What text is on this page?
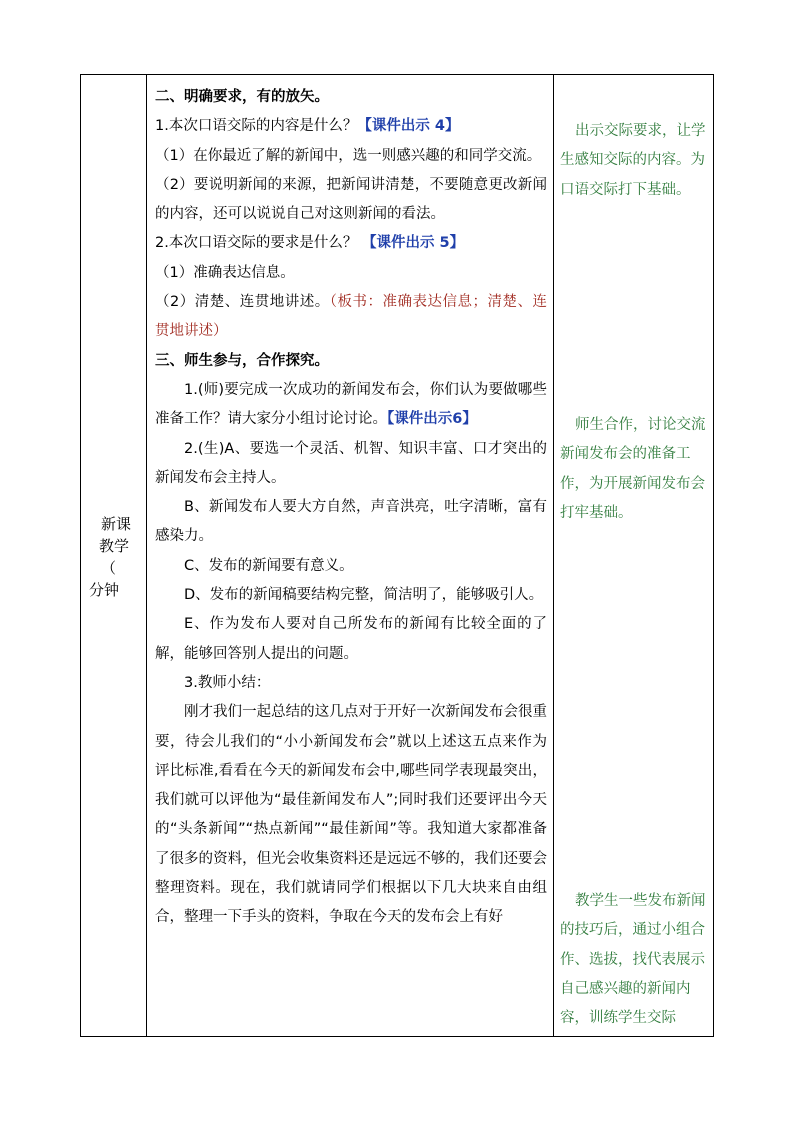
新课
教学
（
分钟

二、明确要求，有的放矢。

1.本次口语交际的内容是什么？【课件出示 4】

（1）在你最近了解的新闻中，选一则感兴趣的和同学交流。

（2）要说明新闻的来源，把新闻讲清楚，不要随意更改新闻的内容，还可以说说自己对这则新闻的看法。

2.本次口语交际的要求是什么？ 【课件出示 5】

（1）准确表达信息。

（2）清楚、连贯地讲述。（板书：准确表达信息；清楚、连贯地讲述）

三、师生参与，合作探究。

1.(师)要完成一次成功的新闻发布会，你们认为要做哪些准备工作？请大家分小组讨论讨论。【课件出示6】

2.(生)A、要选一个灵活、机智、知识丰富、口才突出的新闻发布会主持人。

B、新闻发布人要大方自然，声音洪亮，吐字清晰，富有感染力。

C、发布的新闻要有意义。

D、发布的新闻稿要结构完整，简洁明了，能够吸引人。

E、作为发布人要对自己所发布的新闻有比较全面的了解，能够回答别人提出的问题。

3.教师小结：

刚才我们一起总结的这几点对于开好一次新闻发布会很重要，待会儿我们的“小小新闻发布会”就以上述这五点来作为评比标准,看看在今天的新闻发布会中,哪些同学表现最突出，我们就可以评他为“最佳新闻发布人”;同时我们还要评出今天的“头条新闻”“热点新闻”“最佳新闻”等。我知道大家都准备了很多的资料，但光会收集资料还是远远不够的，我们还要会整理资料。现在，我们就请同学们根据以下几大块来自由组合，整理一下手头的资料，争取在今天的发布会上有好

出示交际要求，让学生感知交际的内容。为口语交际打下基础。
师生合作，讨论交流新闻发布会的准备工作，为开展新闻发布会打牢基础。
教学生一些发布新闻的技巧后，通过小组合作、选拔，找代表展示自己感兴趣的新闻内容，训练学生交际
